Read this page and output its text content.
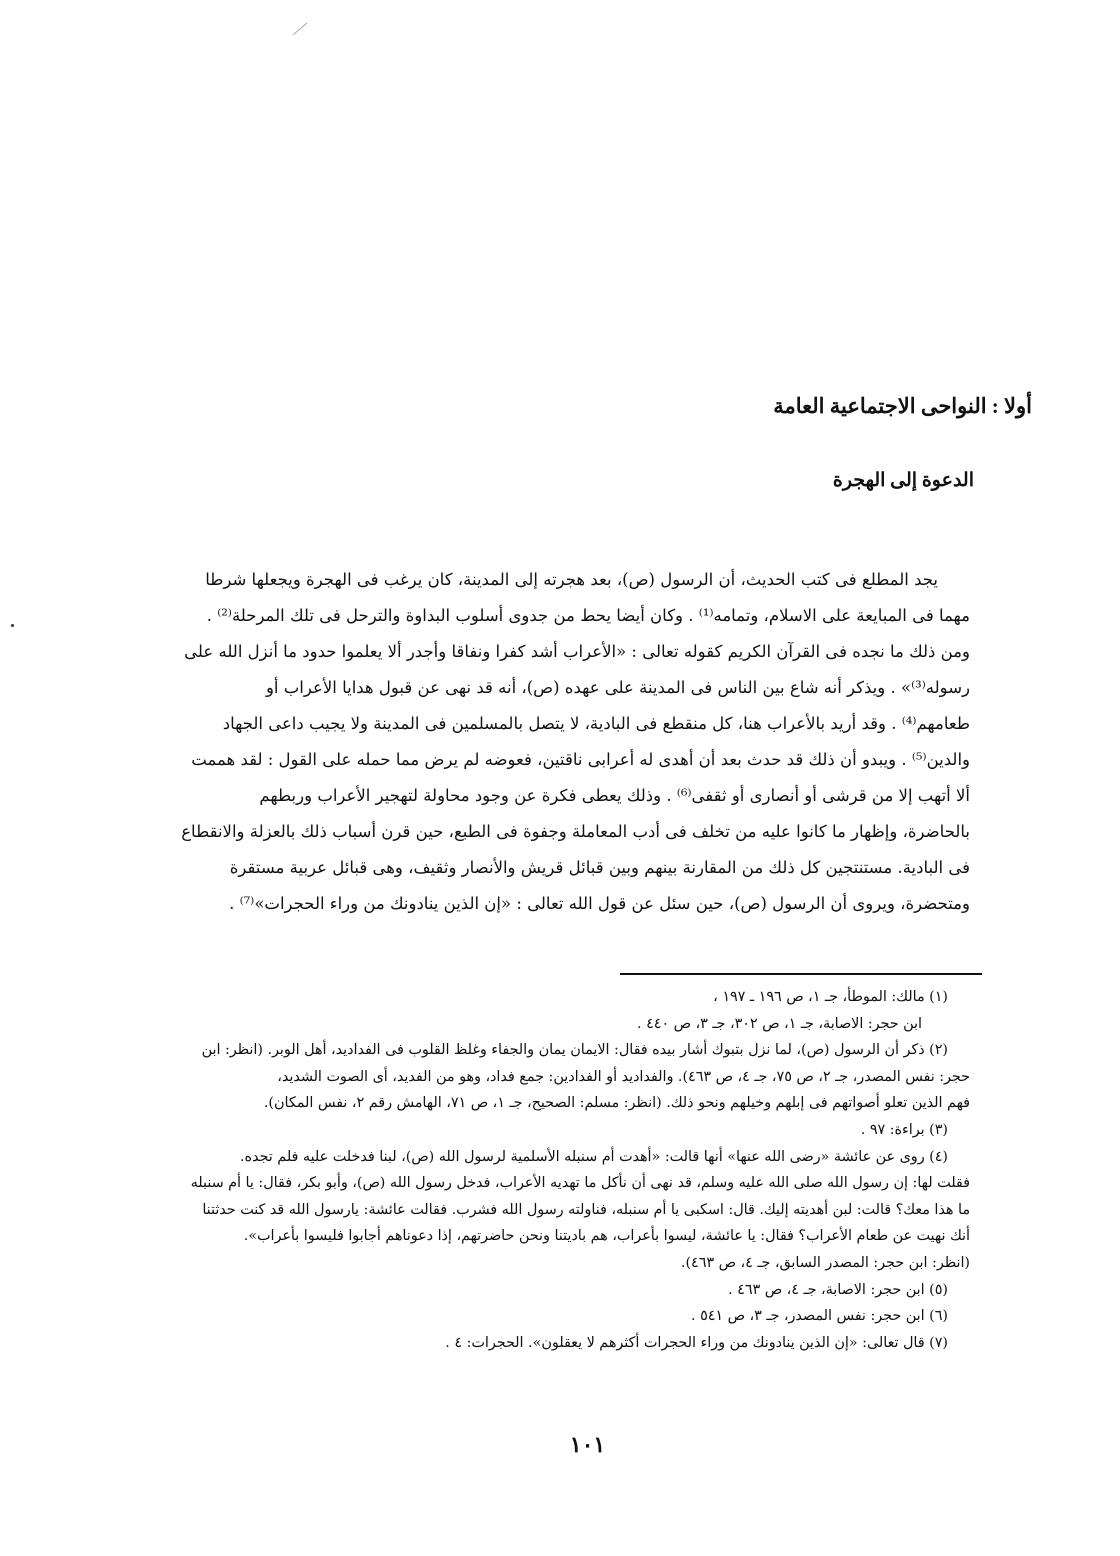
أولا : النواحى الاجتماعية العامة
الدعوة إلى الهجرة
يجد المطلع فى كتب الحديث، أن الرسول (ص)، بعد هجرته إلى المدينة، كان يرغب فى الهجرة ويجعلها شرطا
مهما فى المبايعة على الاسلام، وتمامه⁽¹⁾ . وكان أيضا يحط من جدوى أسلوب البداوة والترحل فى تلك المرحلة⁽²⁾ .
ومن ذلك ما نجده فى القرآن الكريم كقوله تعالى : «الأعراب أشد كفرا ونفاقا وأجدر ألا يعلموا حدود ما أنزل الله على
رسوله⁽³⁾» . ويذكر أنه شاع بين الناس فى المدينة على عهده (ص)، أنه قد نهى عن قبول هدايا الأعراب أو
طعامهم⁽⁴⁾ . وقد أريد بالأعراب هنا، كل منقطع فى البادية، لا يتصل بالمسلمين فى المدينة ولا يجيب داعى الجهاد
والدين⁽⁵⁾ . ويبدو أن ذلك قد حدث بعد أن أهدى له أعرابى ناقتين، فعوضه لم يرض مما حمله على القول : لقد هممت
ألا أتهب إلا من قرشى أو أنصارى أو ثقفى⁽⁶⁾ . وذلك يعطى فكرة عن وجود محاولة لتهجير الأعراب وربطهم
بالحاضرة، وإظهار ما كانوا عليه من تخلف فى أدب المعاملة وجفوة فى الطبع، حين قرن أسباب ذلك بالعزلة والانقطاع
فى البادية. مستنتجين كل ذلك من المقارنة بينهم وبين قبائل قريش والأنصار وثقيف، وهى قبائل عربية مستقرة
ومتحضرة، ويروى أن الرسول (ص)، حين سئل عن قول الله تعالى : «إن الذين ينادونك من وراء الحجرات»⁽⁷⁾ .
(١) مالك: الموطأ، جـ ١، ص ١٩٦ ـ ١٩٧ ،
ابن حجر: الاصابة، جـ ١، ص ٣٠٢، جـ ٣، ص ٤٤٠ .
(٢) ذكر أن الرسول (ص)، لما نزل بتبوك أشار بيده فقال: الايمان يمان والجفاء وغلظ القلوب فى الفداديد، أهل الوبر. (انظر: ابن
حجر: نفس المصدر، جـ ٢، ص ٧٥، جـ ٤، ص ٤٦٣). والفداديد أو الفدادين: جمع فداد، وهو من الفديد، أى الصوت الشديد،
فهم الذين تعلو أصواتهم فى إبلهم وخيلهم ونحو ذلك. (انظر: مسلم: الصحيح، جـ ١، ص ٧١، الهامش رقم ٢، نفس المكان).
(٣) براءة: ٩٧ .
(٤) روى عن عائشة «رضى الله عنها» أنها قالت: «أهدت أم سنبله الأسلمية لرسول الله (ص)، لبنا فدخلت عليه فلم تجده.
فقلت لها: إن رسول الله صلى الله عليه وسلم، قد نهى أن نأكل ما تهديه الأعراب، فدخل رسول الله (ص)، وأبو بكر، فقال: يا أم سنبله
ما هذا معك؟ قالت: لبن أهديته إليك. قال: اسكبى يا أم سنبله، فناولته رسول الله فشرب. فقالت عائشة: يارسول الله قد كنت حدثتنا
أنك نهيت عن طعام الأعراب؟ فقال: يا عائشة، ليسوا بأعراب، هم باديتنا ونحن حاضرتهم، إذا دعوناهم أجابوا فليسوا بأعراب».
(انظر: ابن حجر: المصدر السابق، جـ ٤، ص ٤٦٣).
(٥) ابن حجر: الاصابة، جـ ٤، ص ٤٦٣ .
(٦) ابن حجر: نفس المصدر، جـ ٣، ص ٥٤١ .
(٧) قال تعالى: «إن الذين ينادونك من وراء الحجرات أكثرهم لا يعقلون». الحجرات: ٤ .
١٠١
